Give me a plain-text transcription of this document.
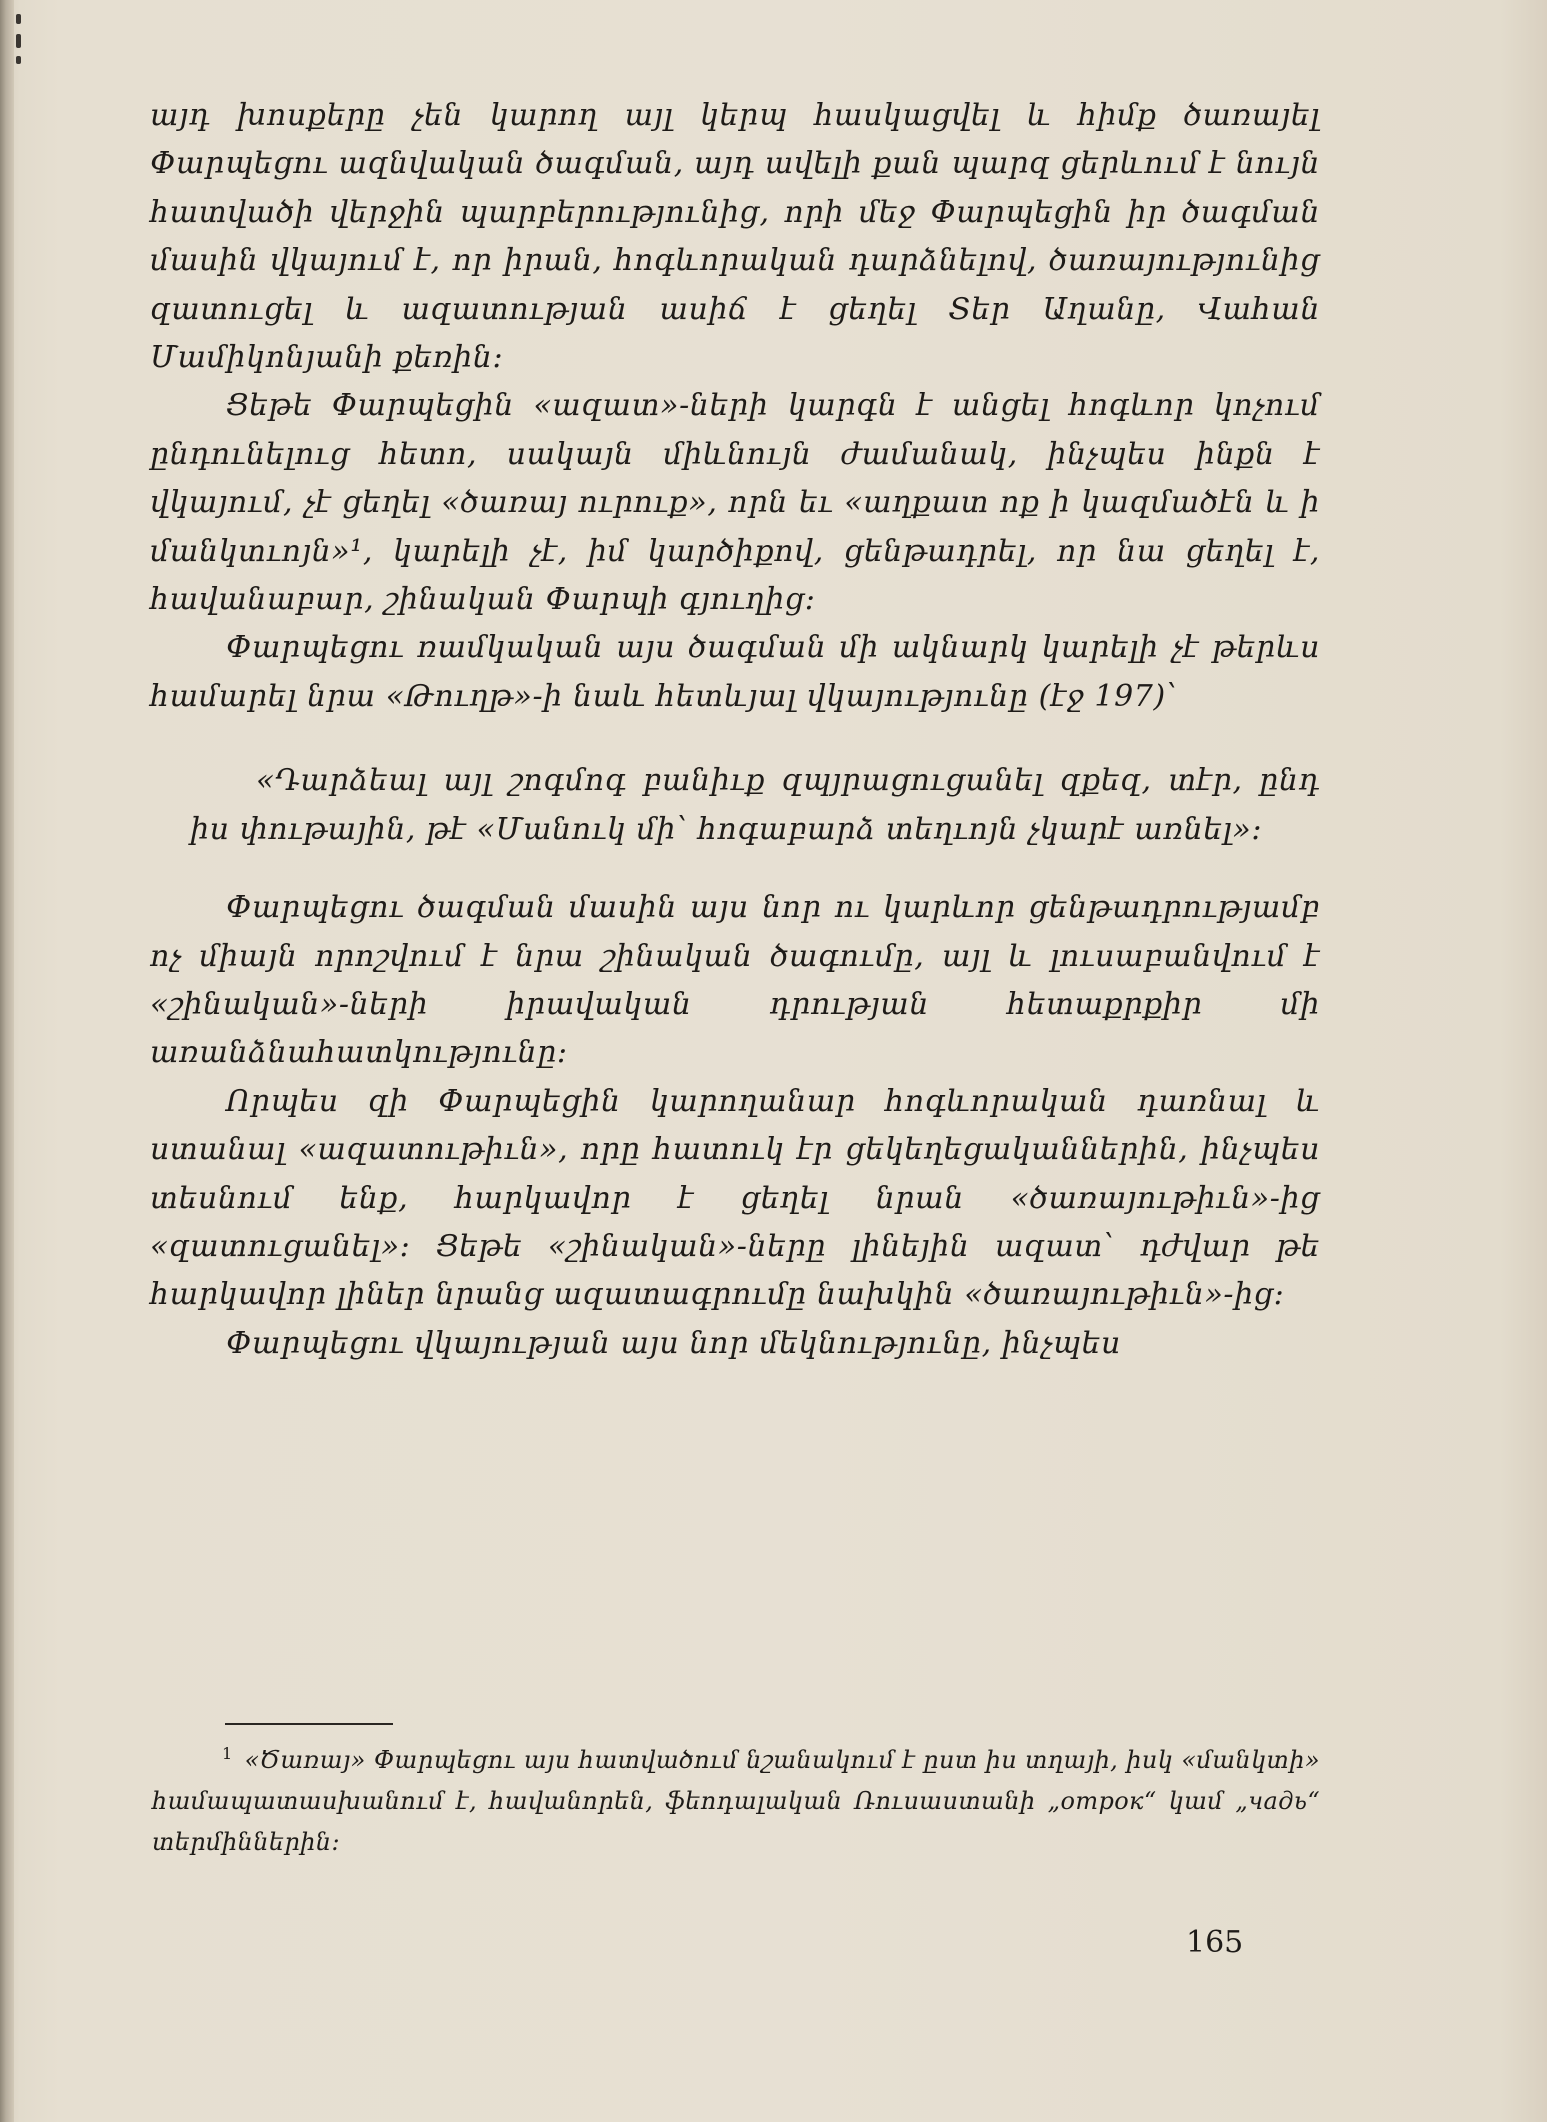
այդ խոսքերը չեն կարող այլ կերպ հասկացվել և հիմք ծառայել Փարպեցու ազնվական ծագման, այդ ավելի քան պարզ ցերևում է նույն հատվածի վերջին պարբերությունից, որի մեջ Փարպեցին իր ծագման մասին վկայում է, որ իրան, հոգևորական դարձնելով, ծառայությունից զատուցել և ազատության ասիճ է ցեղել Տեր Աղանը, Վահան Մամիկոնյանի քեռին։

Ցեթե Փարպեցին «ազատ»-ների կարգն է անցել հոգևոր կոչում ընդունելուց հետո, սակայն միևնույն ժամանակ, ինչպես ինքն է վկայում, չէ ցեղել «ծառայ ուրուք», որն եւ «աղքատ ոք ի կազմածէն և ի մանկտւոյն»¹, կարելի չէ, իմ կարծիքով, ցենթադրել, որ նա ցեղել է, հավանաբար, շինական Փարպի գյուղից։

Փարպեցու ռամկական այս ծագման մի ակնարկ կարելի չէ թերևս համարել նրա «Թուղթ»-ի նաև հետևյալ վկայությունը (էջ 197)՝

«Դարձեալ այլ շոգմոգ բանիւք զպյրացուցանել զքեզ, տէր, ընդ իս փութային, թէ «Մանուկ մի՝ հոգաբարձ տեղւոյն չկարէ առնել»։

Փարպեցու ծագման մասին այս նոր ու կարևոր ցենթադրությամբ ոչ միայն որոշվում է նրա շինական ծագումը, այլ և լուսաբանվում է «շինական»-ների իրավական դրության հետաքրքիր մի առանձնահատկությունը։

Որպես զի Փարպեցին կարողանար հոգևորական դառնալ և ստանալ «ազատութիւն», որը հատուկ էր ցեկեղեցականներին, ինչպես տեսնում ենք, հարկավոր է ցեղել նրան «ծառայութիւն»-ից «զատուցանել»։ Ցեթե «շինական»-ները լինեյին ազատ՝ դժվար թե հարկավոր լիներ նրանց ազատագրումը նախկին «ծառայութիւն»-ից։

Փարպեցու վկայության այս նոր մեկնությունը, ինչպես

$^1$ «Ծառայ» Փարպեցու այս հատվածում նշանակում է ըստ իս տղայի, իսկ «մանկտի» համապատասխանում է, հավանորեն, ֆեոդալական Ռուսաստանի „отрок“ կամ „чадь“ տերմիններին։

165
